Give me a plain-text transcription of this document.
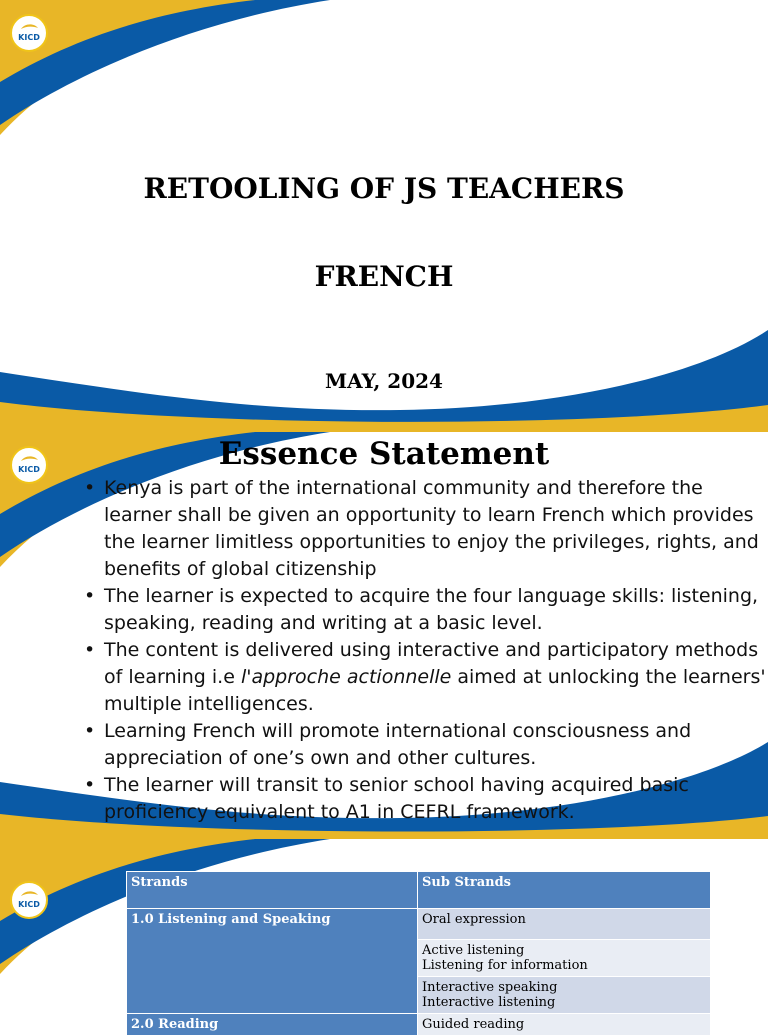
KICD
RETOOLING OF JS TEACHERS
FRENCH
MAY, 2024
KICD	Essence Statement
• Kenya is part of the international community and therefore the learner shall be given an opportunity to learn French which provides the learner limitless opportunities to enjoy the privileges, rights, and benefits of global citizenship
• The learner is expected to acquire the four language skills: listening, speaking, reading and writing at a basic level.
• The content is delivered using interactive and participatory methods of learning i.e l'approche actionnelle aimed at unlocking the learners' multiple intelligences.
• Learning French will promote international consciousness and appreciation of one’s own and other cultures.
• The learner will transit to senior school having acquired basic proficiency equivalent to A1 in CEFRL framework.
KICD
Strands	Sub Strands
1.0 Listening and Speaking	Oral expression

	Active listening
Listening for information

	Interactive speaking
Interactive listening

2.0 Reading	Guided reading
